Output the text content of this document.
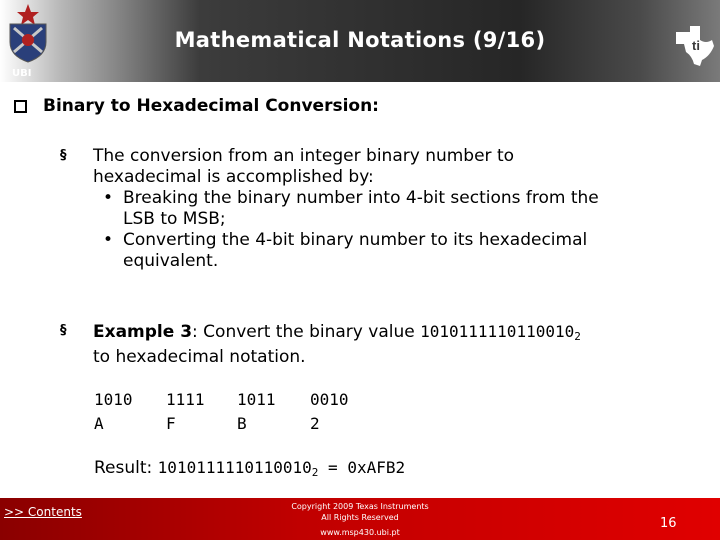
Mathematical Notations (9/16)
UBI
ti
Binary to Hexadecimal Conversion:
§	The conversion from an integer binary number to
hexadecimal is accomplished by:
• Breaking the binary number into 4-bit sections from the
LSB to MSB;
• Converting the 4-bit binary number to its hexadecimal
equivalent.
§	Example 3: Convert the binary value 10101111101100102
to hexadecimal notation.
1010 1111 1011 0010
A	F	B	2
Result: 10101111101100102 = 0xAFB2
>> Contents	Copyright 2009 Texas Instruments
All Rights Reserved
www.msp430.ubi.pt
16
